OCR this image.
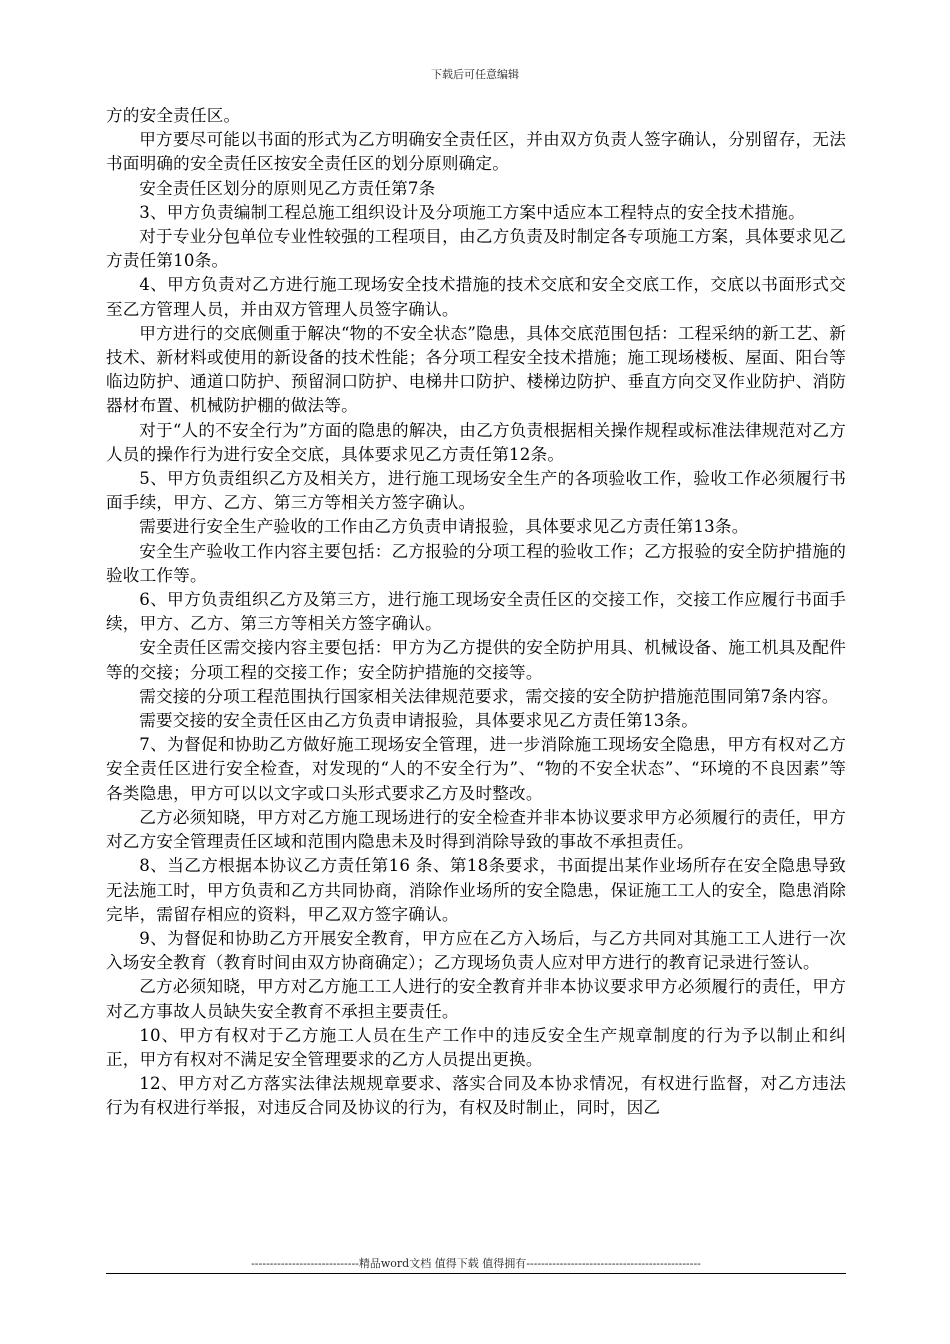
下载后可任意编辑

方的安全责任区。

甲方要尽可能以书面的形式为乙方明确安全责任区，并由双方负责人签字确认，分别留存，无法书面明确的安全责任区按安全责任区的划分原则确定。

安全责任区划分的原则见乙方责任第7条

3、甲方负责编制工程总施工组织设计及分项施工方案中适应本工程特点的安全技术措施。

对于专业分包单位专业性较强的工程项目，由乙方负责及时制定各专项施工方案，具体要求见乙方责任第10条。

4、甲方负责对乙方进行施工现场安全技术措施的技术交底和安全交底工作，交底以书面形式交至乙方管理人员，并由双方管理人员签字确认。

甲方进行的交底侧重于解决“物的不安全状态”隐患，具体交底范围包括：工程采纳的新工艺、新技术、新材料或使用的新设备的技术性能；各分项工程安全技术措施；施工现场楼板、屋面、阳台等临边防护、通道口防护、预留洞口防护、电梯井口防护、楼梯边防护、垂直方向交叉作业防护、消防器材布置、机械防护棚的做法等。

对于“人的不安全行为”方面的隐患的解决，由乙方负责根据相关操作规程或标准法律规范对乙方人员的操作行为进行安全交底，具体要求见乙方责任第12条。

5、甲方负责组织乙方及相关方，进行施工现场安全生产的各项验收工作，验收工作必须履行书面手续，甲方、乙方、第三方等相关方签字确认。

需要进行安全生产验收的工作由乙方负责申请报验，具体要求见乙方责任第13条。

安全生产验收工作内容主要包括：乙方报验的分项工程的验收工作；乙方报验的安全防护措施的验收工作等。

6、甲方负责组织乙方及第三方，进行施工现场安全责任区的交接工作，交接工作应履行书面手续，甲方、乙方、第三方等相关方签字确认。

安全责任区需交接内容主要包括：甲方为乙方提供的安全防护用具、机械设备、施工机具及配件等的交接；分项工程的交接工作；安全防护措施的交接等。

需交接的分项工程范围执行国家相关法律规范要求，需交接的安全防护措施范围同第7条内容。

需要交接的安全责任区由乙方负责申请报验，具体要求见乙方责任第13条。

7、为督促和协助乙方做好施工现场安全管理，进一步消除施工现场安全隐患，甲方有权对乙方安全责任区进行安全检查，对发现的“人的不安全行为”、“物的不安全状态”、“环境的不良因素”等各类隐患，甲方可以以文字或口头形式要求乙方及时整改。

乙方必须知晓，甲方对乙方施工现场进行的安全检查并非本协议要求甲方必须履行的责任，甲方对乙方安全管理责任区域和范围内隐患未及时得到消除导致的事故不承担责任。

8、当乙方根据本协议乙方责任第16 条、第18条要求，书面提出某作业场所存在安全隐患导致无法施工时，甲方负责和乙方共同协商，消除作业场所的安全隐患，保证施工工人的安全，隐患消除完毕，需留存相应的资料，甲乙双方签字确认。

9、为督促和协助乙方开展安全教育，甲方应在乙方入场后，与乙方共同对其施工工人进行一次入场安全教育（教育时间由双方协商确定）；乙方现场负责人应对甲方进行的教育记录进行签认。

乙方必须知晓，甲方对乙方施工工人进行的安全教育并非本协议要求甲方必须履行的责任，甲方对乙方事故人员缺失安全教育不承担主要责任。

10、甲方有权对于乙方施工人员在生产工作中的违反安全生产规章制度的行为予以制止和纠正，甲方有权对不满足安全管理要求的乙方人员提出更换。

12、甲方对乙方落实法律法规规章要求、落实合同及本协求情况，有权进行监督，对乙方违法行为有权进行举报，对违反合同及协议的行为，有权及时制止，同时，因乙

-----------------------------精品word文档 值得下载 值得拥有-----------------------------------------------
